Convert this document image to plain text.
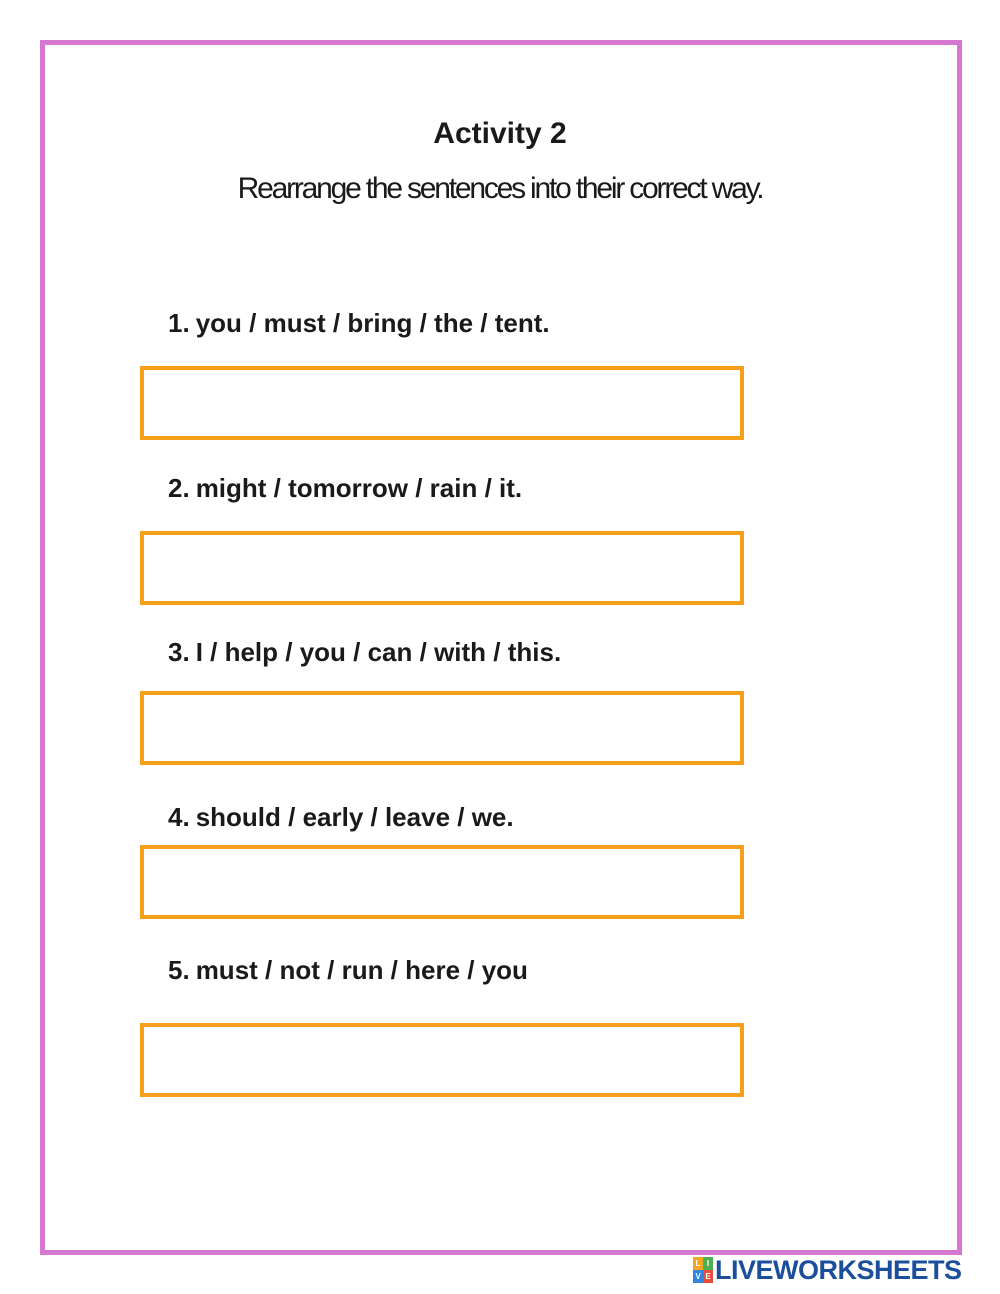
Activity 2

Rearrange the sentences into their correct way.

1. you / must / bring / the / tent.

2. might / tomorrow / rain / it.

3. I / help / you / can / with / this.

4. should / early / leave / we.

5. must / not / run / here / you

L I
V E LIVEWORKSHEETS
